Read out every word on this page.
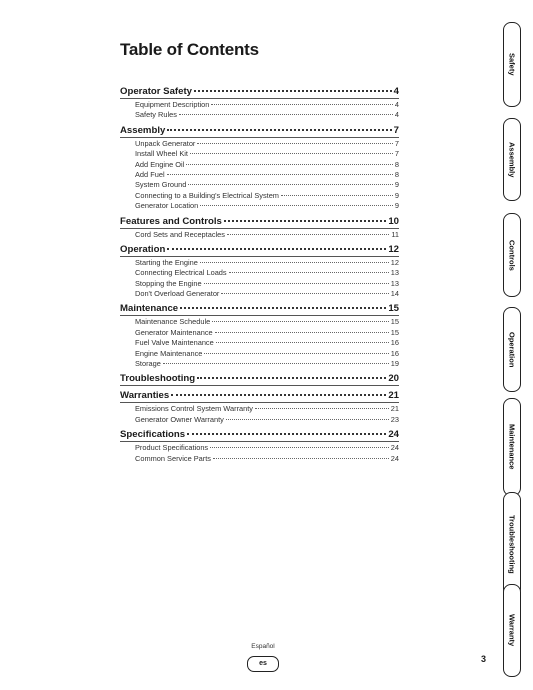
Table of Contents
Operator Safety	4
Equipment Description	4
Safety Rules	4
Assembly	7
Unpack Generator	7
Install Wheel Kit	7
Add Engine Oil	8
Add Fuel	8
System Ground	9
Connecting to a Building's Electrical System	9
Generator Location	9
Features and Controls	10
Cord Sets and Receptacles	11
Operation	12
Starting the Engine	12
Connecting Electrical Loads	13
Stopping the Engine	13
Don't Overload Generator	14
Maintenance	15
Maintenance Schedule	15
Generator Maintenance	15
Fuel Valve Maintenance	16
Engine Maintenance	16
Storage	19
Troubleshooting	20
Warranties	21
Emissions Control System Warranty	21
Generator Owner Warranty	23
Specifications	24
Product Specifications	24
Common Service Parts	24
Safety
Assembly
Controls
Operation
Maintenance
Troubleshooting
Warranty
Español
es	3
